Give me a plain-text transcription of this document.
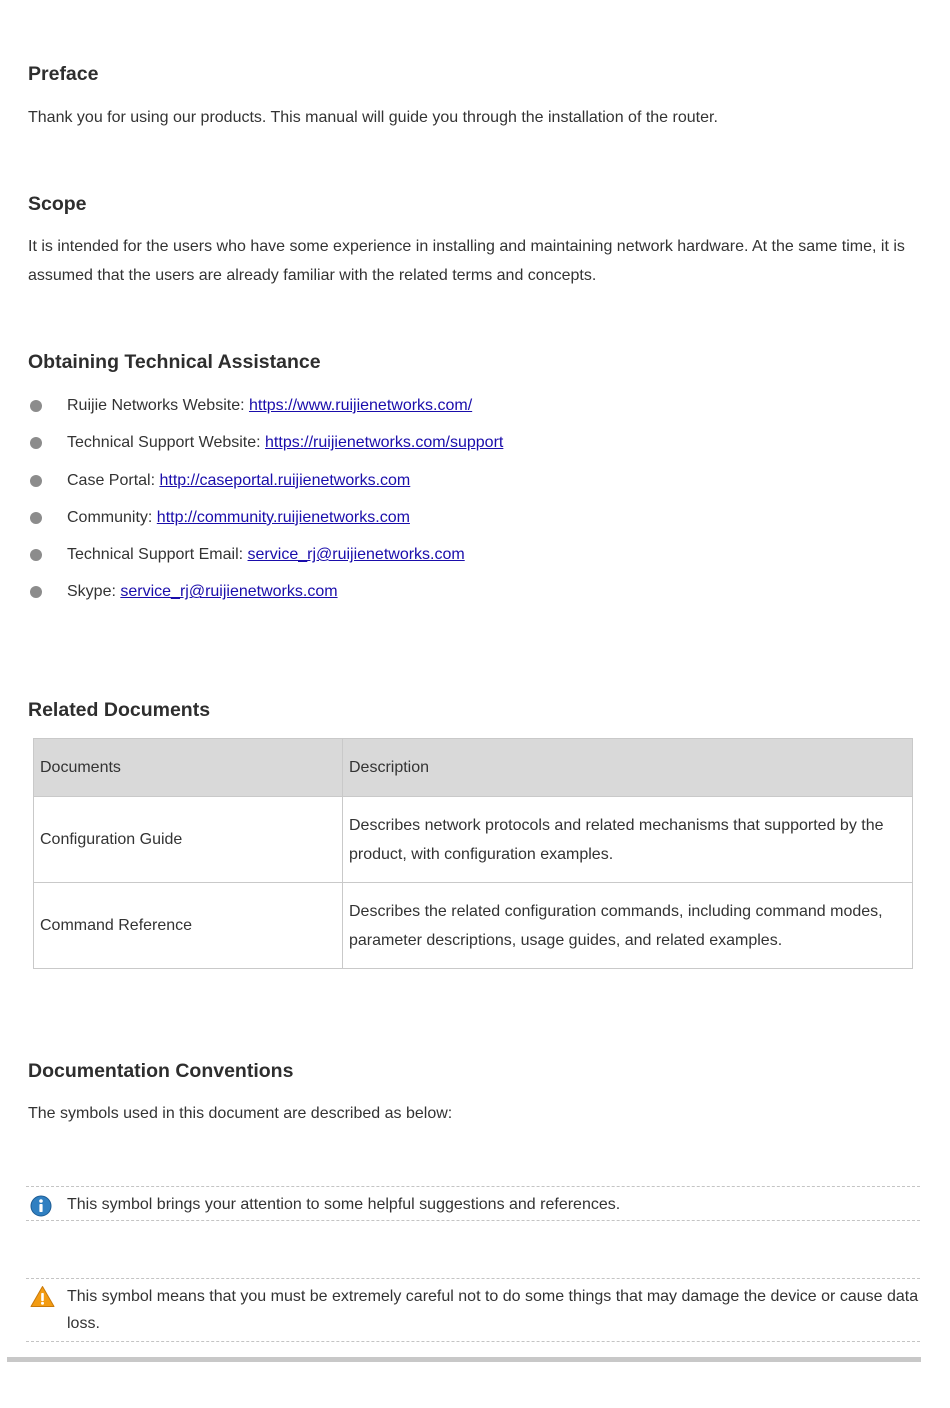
Preface

Thank you for using our products. This manual will guide you through the installation of the router.

Scope

It is intended for the users who have some experience in installing and maintaining network hardware. At the same time, it is assumed that the users are already familiar with the related terms and concepts.

Obtaining Technical Assistance
Ruijie Networks Website: https://www.ruijienetworks.com/
Technical Support Website: https://ruijienetworks.com/support
Case Portal: http://caseportal.ruijienetworks.com
Community: http://community.ruijienetworks.com
Technical Support Email: service_rj@ruijienetworks.com
Skype: service_rj@ruijienetworks.com
Related Documents
Documents	Description
Configuration Guide	Describes network protocols and related mechanisms that supported by the product, with configuration examples.
Command Reference	Describes the related configuration commands, including command modes, parameter descriptions, usage guides, and related examples.
Documentation Conventions

The symbols used in this document are described as below:

This symbol brings your attention to some helpful suggestions and references.
This symbol means that you must be extremely careful not to do some things that may damage the device or cause data loss.
